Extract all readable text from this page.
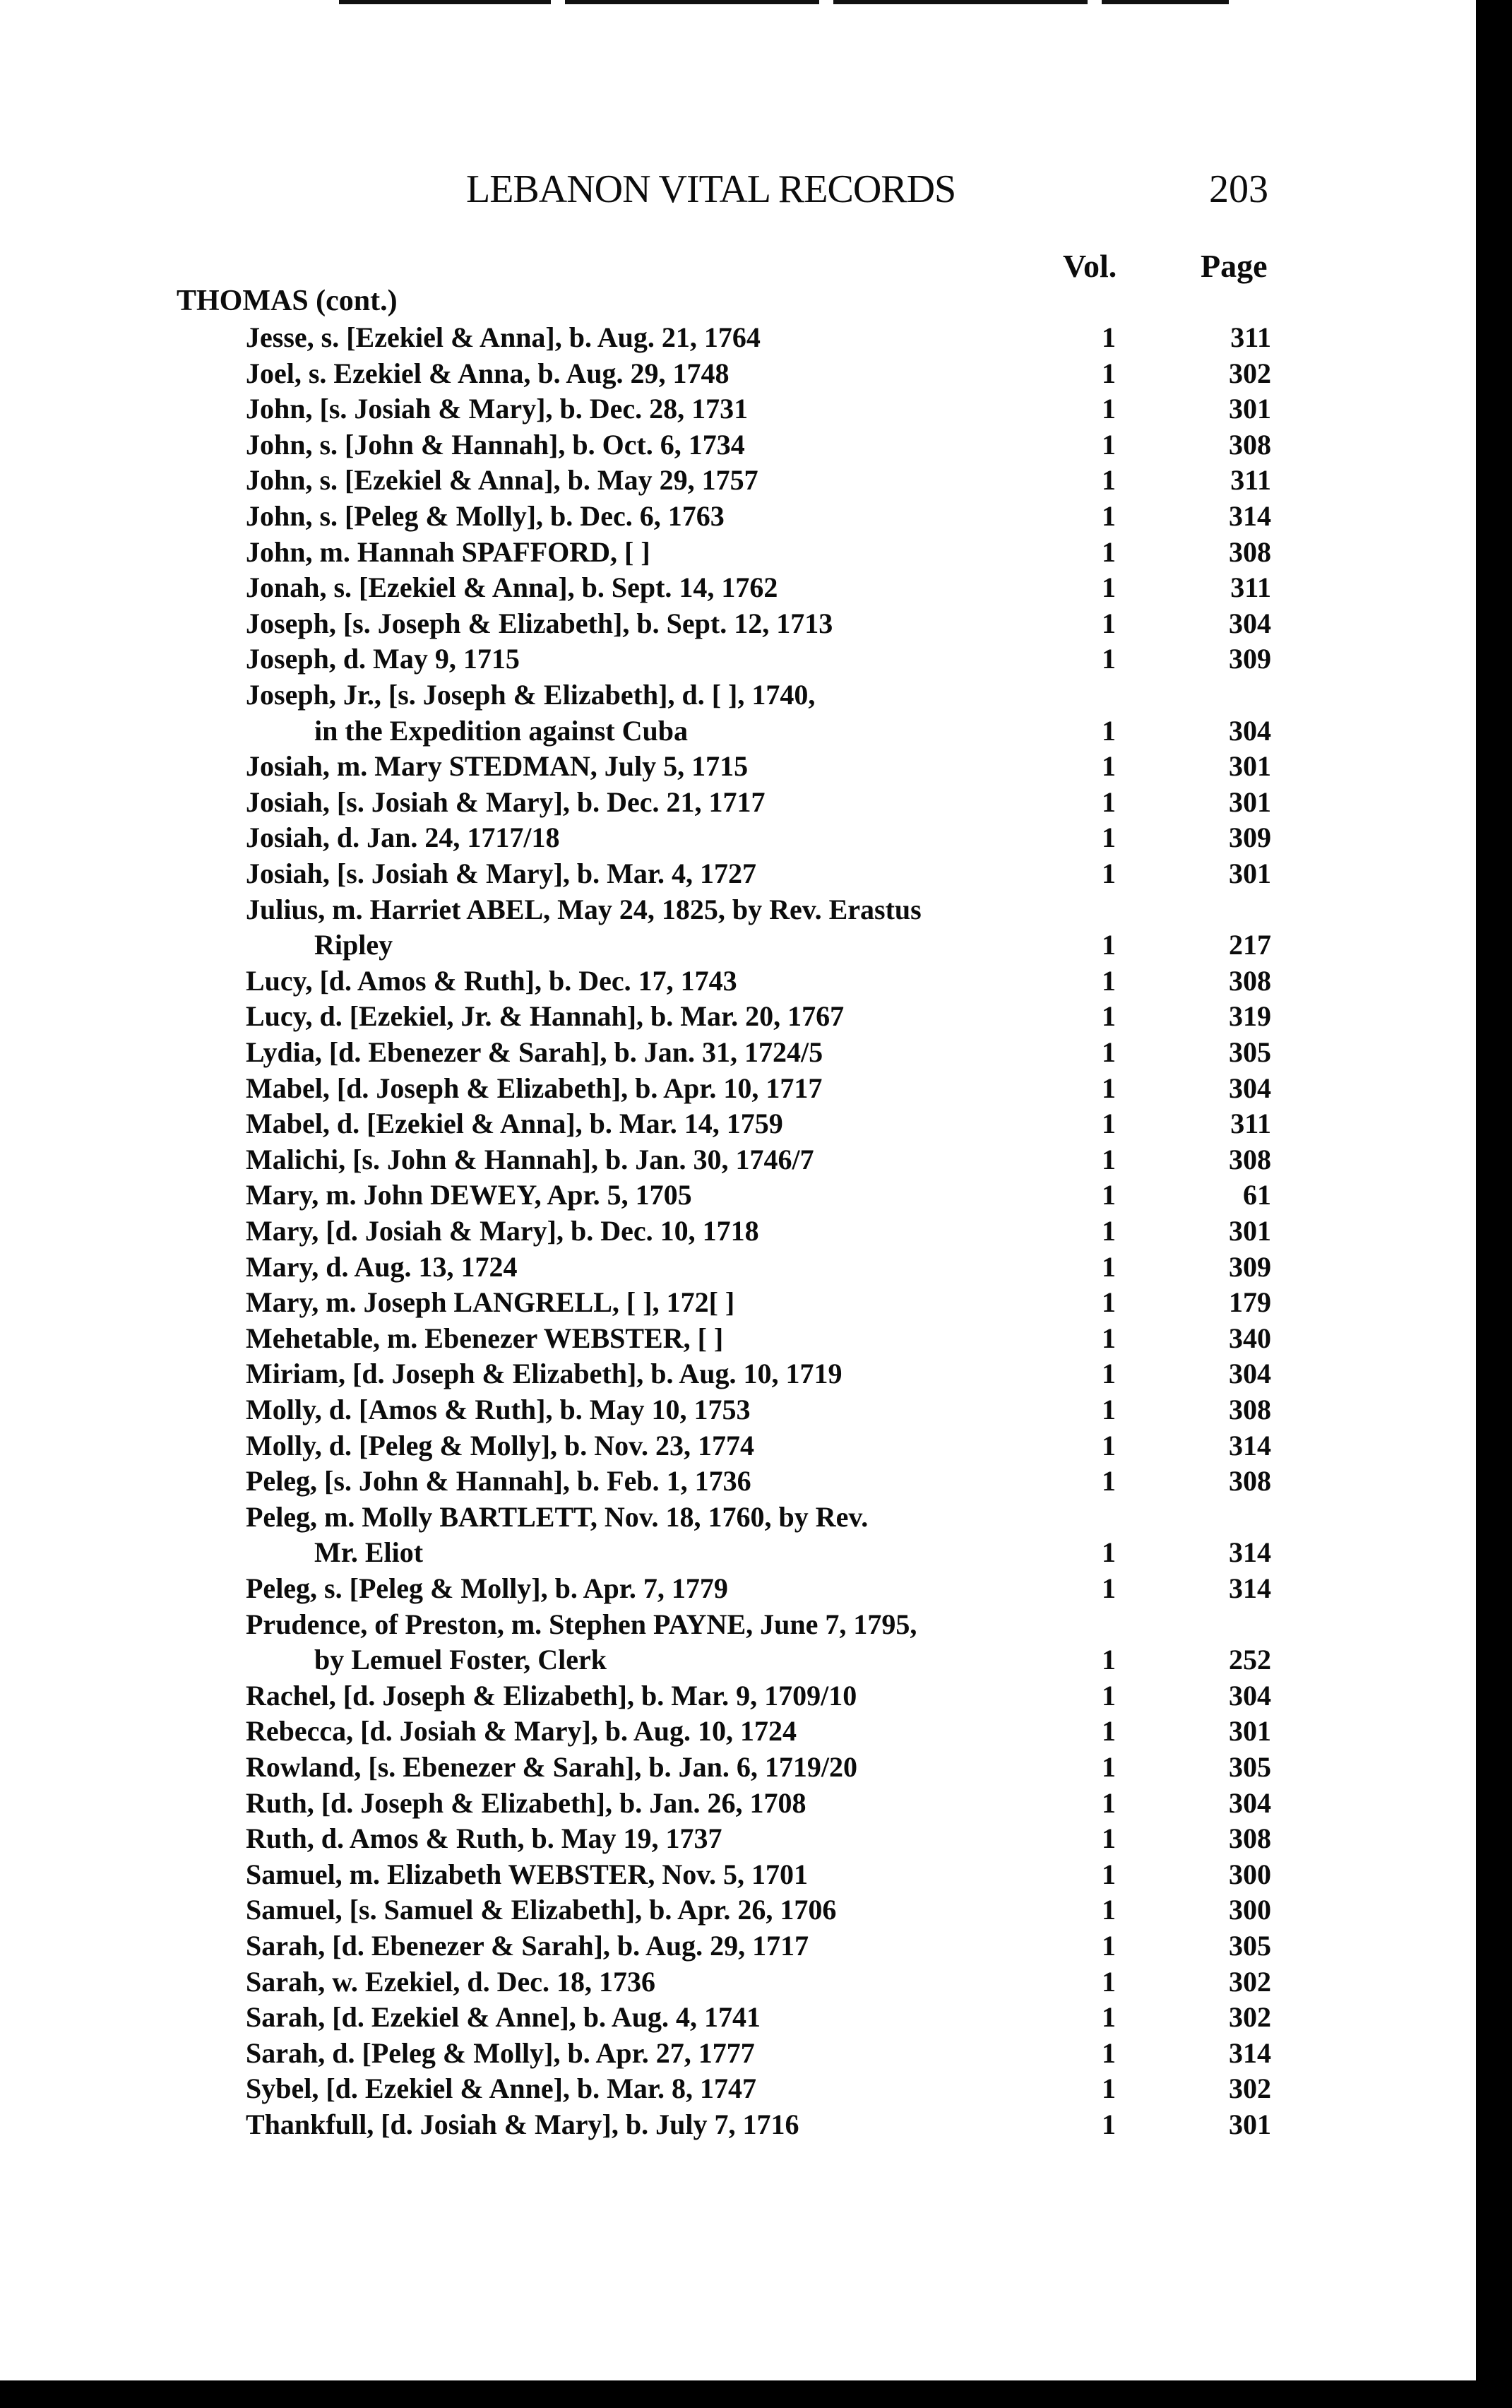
LEBANON VITAL RECORDS	203
Vol.	Page
THOMAS (cont.)
Jesse, s. [Ezekiel & Anna], b. Aug. 21, 1764	1	311
Joel, s. Ezekiel & Anna, b. Aug. 29, 1748	1	302
John, [s. Josiah & Mary], b. Dec. 28, 1731	1	301
John, s. [John & Hannah], b. Oct. 6, 1734	1	308
John, s. [Ezekiel & Anna], b. May 29, 1757	1	311
John, s. [Peleg & Molly], b. Dec. 6, 1763	1	314
John, m. Hannah SPAFFORD, [ ]	1	308
Jonah, s. [Ezekiel & Anna], b. Sept. 14, 1762	1	311
Joseph, [s. Joseph & Elizabeth], b. Sept. 12, 1713	1	304
Joseph, d. May 9, 1715	1	309
Joseph, Jr., [s. Joseph & Elizabeth], d. [ ], 1740,
in the Expedition against Cuba	1	304
Josiah, m. Mary STEDMAN, July 5, 1715	1	301
Josiah, [s. Josiah & Mary], b. Dec. 21, 1717	1	301
Josiah, d. Jan. 24, 1717/18	1	309
Josiah, [s. Josiah & Mary], b. Mar. 4, 1727	1	301
Julius, m. Harriet ABEL, May 24, 1825, by Rev. Erastus
Ripley	1	217
Lucy, [d. Amos & Ruth], b. Dec. 17, 1743	1	308
Lucy, d. [Ezekiel, Jr. & Hannah], b. Mar. 20, 1767	1	319
Lydia, [d. Ebenezer & Sarah], b. Jan. 31, 1724/5	1	305
Mabel, [d. Joseph & Elizabeth], b. Apr. 10, 1717	1	304
Mabel, d. [Ezekiel & Anna], b. Mar. 14, 1759	1	311
Malichi, [s. John & Hannah], b. Jan. 30, 1746/7	1	308
Mary, m. John DEWEY, Apr. 5, 1705	1	61
Mary, [d. Josiah & Mary], b. Dec. 10, 1718	1	301
Mary, d. Aug. 13, 1724	1	309
Mary, m. Joseph LANGRELL, [ ], 172[ ]	1	179
Mehetable, m. Ebenezer WEBSTER, [ ]	1	340
Miriam, [d. Joseph & Elizabeth], b. Aug. 10, 1719	1	304
Molly, d. [Amos & Ruth], b. May 10, 1753	1	308
Molly, d. [Peleg & Molly], b. Nov. 23, 1774	1	314
Peleg, [s. John & Hannah], b. Feb. 1, 1736	1	308
Peleg, m. Molly BARTLETT, Nov. 18, 1760, by Rev.
Mr. Eliot	1	314
Peleg, s. [Peleg & Molly], b. Apr. 7, 1779	1	314
Prudence, of Preston, m. Stephen PAYNE, June 7, 1795,
by Lemuel Foster, Clerk	1	252
Rachel, [d. Joseph & Elizabeth], b. Mar. 9, 1709/10	1	304
Rebecca, [d. Josiah & Mary], b. Aug. 10, 1724	1	301
Rowland, [s. Ebenezer & Sarah], b. Jan. 6, 1719/20	1	305
Ruth, [d. Joseph & Elizabeth], b. Jan. 26, 1708	1	304
Ruth, d. Amos & Ruth, b. May 19, 1737	1	308
Samuel, m. Elizabeth WEBSTER, Nov. 5, 1701	1	300
Samuel, [s. Samuel & Elizabeth], b. Apr. 26, 1706	1	300
Sarah, [d. Ebenezer & Sarah], b. Aug. 29, 1717	1	305
Sarah, w. Ezekiel, d. Dec. 18, 1736	1	302
Sarah, [d. Ezekiel & Anne], b. Aug. 4, 1741	1	302
Sarah, d. [Peleg & Molly], b. Apr. 27, 1777	1	314
Sybel, [d. Ezekiel & Anne], b. Mar. 8, 1747	1	302
Thankfull, [d. Josiah & Mary], b. July 7, 1716	1	301
